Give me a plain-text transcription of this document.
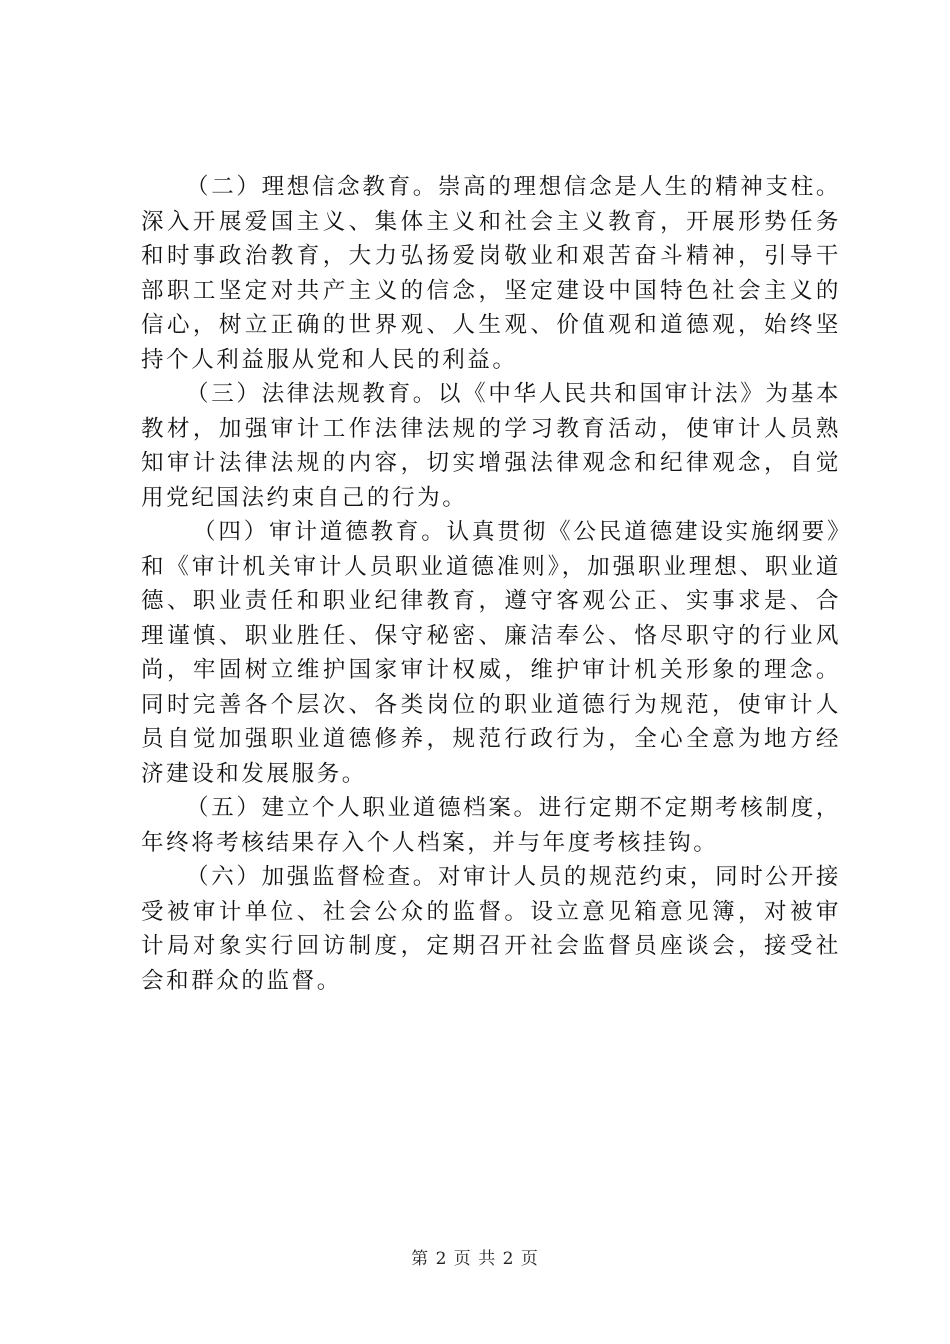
（二）理想信念教育。崇高的理想信念是人生的精神支柱。深入开展爱国主义、集体主义和社会主义教育，开展形势任务和时事政治教育，大力弘扬爱岗敬业和艰苦奋斗精神，引导干部职工坚定对共产主义的信念，坚定建设中国特色社会主义的信心，树立正确的世界观、人生观、价值观和道德观，始终坚持个人利益服从党和人民的利益。

（三）法律法规教育。以《中华人民共和国审计法》为基本教材，加强审计工作法律法规的学习教育活动，使审计人员熟知审计法律法规的内容，切实增强法律观念和纪律观念，自觉用党纪国法约束自己的行为。

（四）审计道德教育。认真贯彻《公民道德建设实施纲要》和《审计机关审计人员职业道德准则》，加强职业理想、职业道德、职业责任和职业纪律教育，遵守客观公正、实事求是、合理谨慎、职业胜任、保守秘密、廉洁奉公、恪尽职守的行业风尚，牢固树立维护国家审计权威，维护审计机关形象的理念。同时完善各个层次、各类岗位的职业道德行为规范，使审计人员自觉加强职业道德修养，规范行政行为，全心全意为地方经济建设和发展服务。

（五）建立个人职业道德档案。进行定期不定期考核制度，年终将考核结果存入个人档案，并与年度考核挂钩。

（六）加强监督检查。对审计人员的规范约束，同时公开接受被审计单位、社会公众的监督。设立意见箱意见簿，对被审计局对象实行回访制度，定期召开社会监督员座谈会，接受社会和群众的监督。

第 2 页 共 2 页
